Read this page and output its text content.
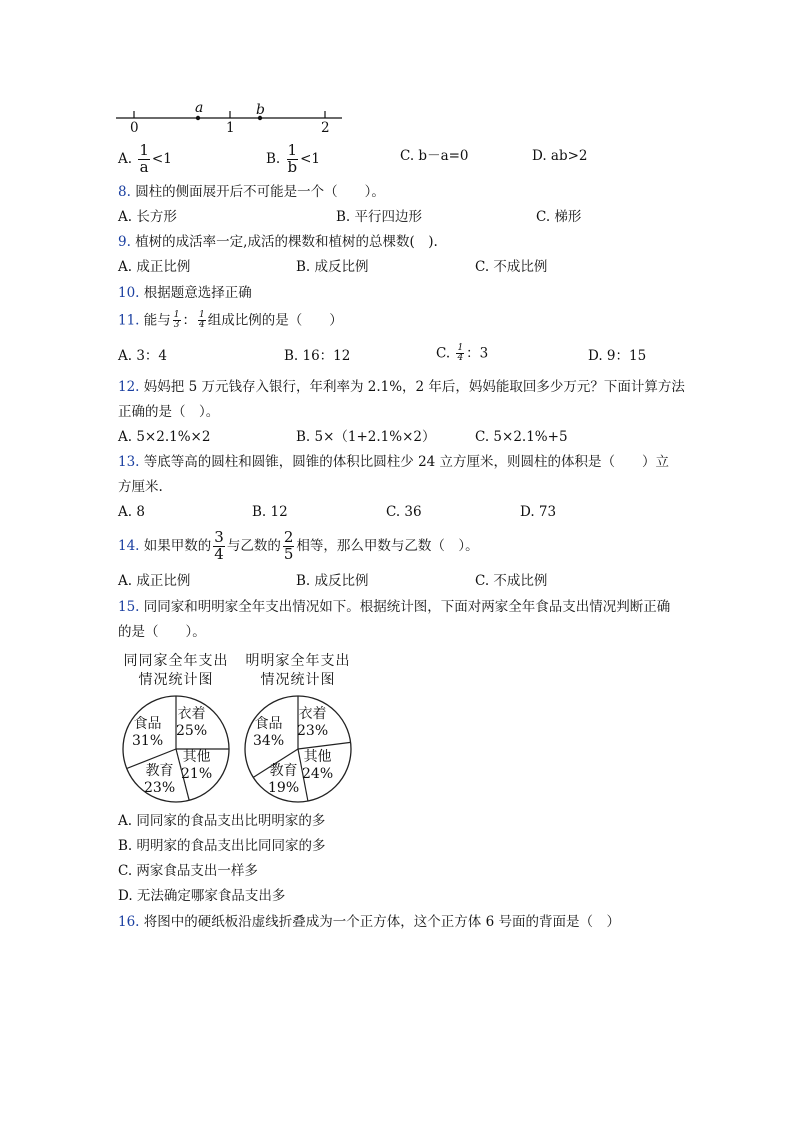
a	b
0	1	2
A. $\frac{1}{a} <1$	B. $\frac{1}{b} <1$	C. b－a=0	D. ab>2
8. 圆柱的侧面展开后不可能是一个（　　）。
A. 长方形	B. 平行四边形	C. 梯形
9. 植树的成活率一定,成活的棵数和植树的总棵数(　).
A. 成正比例	B. 成反比例	C. 不成比例
10. 根据题意选择正确
11. 能与 $\frac{1}{3}$ ： $\frac{1}{4}$ 组成比例的是（　　）
A. 3：4	B. 16：12	C. $\frac{1}{4}$ ：3	D. 9：15
12. 妈妈把 5 万元钱存入银行，年利率为 2.1%，2 年后，妈妈能取回多少万元？下面计算方法
正确的是（　）。
A. 5×2.1%×2	B. 5×（1+2.1%×2）	C. 5×2.1%+5
13. 等底等高的圆柱和圆锥，圆锥的体积比圆柱少 24 立方厘米，则圆柱的体积是（　　）立
方厘米.
A. 8	B. 12	C. 36	D. 73
14. 如果甲数的 $\frac{3}{4}$ 与乙数的 $\frac{2}{5}$ 相等，那么甲数与乙数（　）。
A. 成正比例	B. 成反比例	C. 不成比例
15. 同同家和明明家全年支出情况如下。根据统计图，下面对两家全年食品支出情况判断正确
的是（　　）。
同同家全年支出
情况统计图
食品
31%
衣着
25%
其他
21%
教育
23%
明明家全年支出
情况统计图
食品
34%
衣着
23%
其他
24%
教育
19%
A. 同同家的食品支出比明明家的多
B. 明明家的食品支出比同同家的多
C. 两家食品支出一样多
D. 无法确定哪家食品支出多
16. 将图中的硬纸板沿虚线折叠成为一个正方体，这个正方体 6 号面的背面是（　）
